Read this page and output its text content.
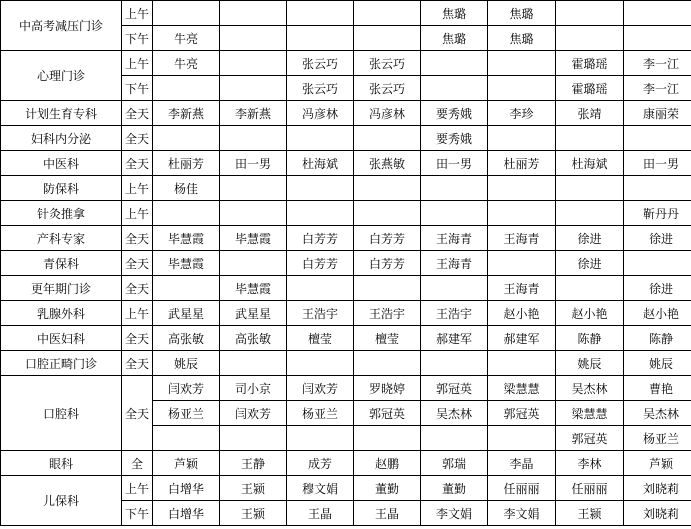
中高考减压门诊	上午					焦璐	焦璐		
	下午	牛亮				焦璐	焦璐		
心理门诊	上午	牛亮		张云巧	张云巧			霍璐瑶	李一江
	下午			张云巧	张云巧			霍璐瑶	李一江
计划生育专科	全天	李新燕	李新燕	冯彦林	冯彦林	要秀娥	李珍	张靖	康丽荣
妇科内分泌	全天					要秀娥			
中医科	全天	杜丽芳	田一男	杜海斌	张燕敏	田一男	杜丽芳	杜海斌	田一男
防保科	上午	杨佳							
针灸推拿	上午								靳丹丹
产科专家	全天	毕慧霞	毕慧霞	白芳芳	白芳芳	王海青	王海青	徐进	徐进
青保科	全天	毕慧霞		白芳芳	白芳芳	王海青		徐进	
更年期门诊	全天		毕慧霞				王海青		徐进
乳腺外科	上午	武星星	武星星	王浩宇	王浩宇	王浩宇	赵小艳	赵小艳	赵小艳
中医妇科	全天	高张敏	高张敏	檀莹	檀莹	郝建军	郝建军	陈静	陈静
口腔正畸门诊	全天	姚辰						姚辰	姚辰
口腔科	全天	闫欢芳	司小京	闫欢芳	罗晓婷	郭冠英	梁慧慧	吴杰林	曹艳
		杨亚兰	闫欢芳	杨亚兰	郭冠英	吴杰林	郭冠英	梁慧慧	吴杰林
								郭冠英	杨亚兰
眼科	全	芦颖	王静	成芳	赵鹏	郭瑞	李晶	李林	芦颖
儿保科	上午	白增华	王颍	穆文娟	董勤	董勤	任丽丽	任丽丽	刘晓莉
	下午	白增华	王颍	王晶	王晶	李文娟	李文娟	王颍	刘晓莉
